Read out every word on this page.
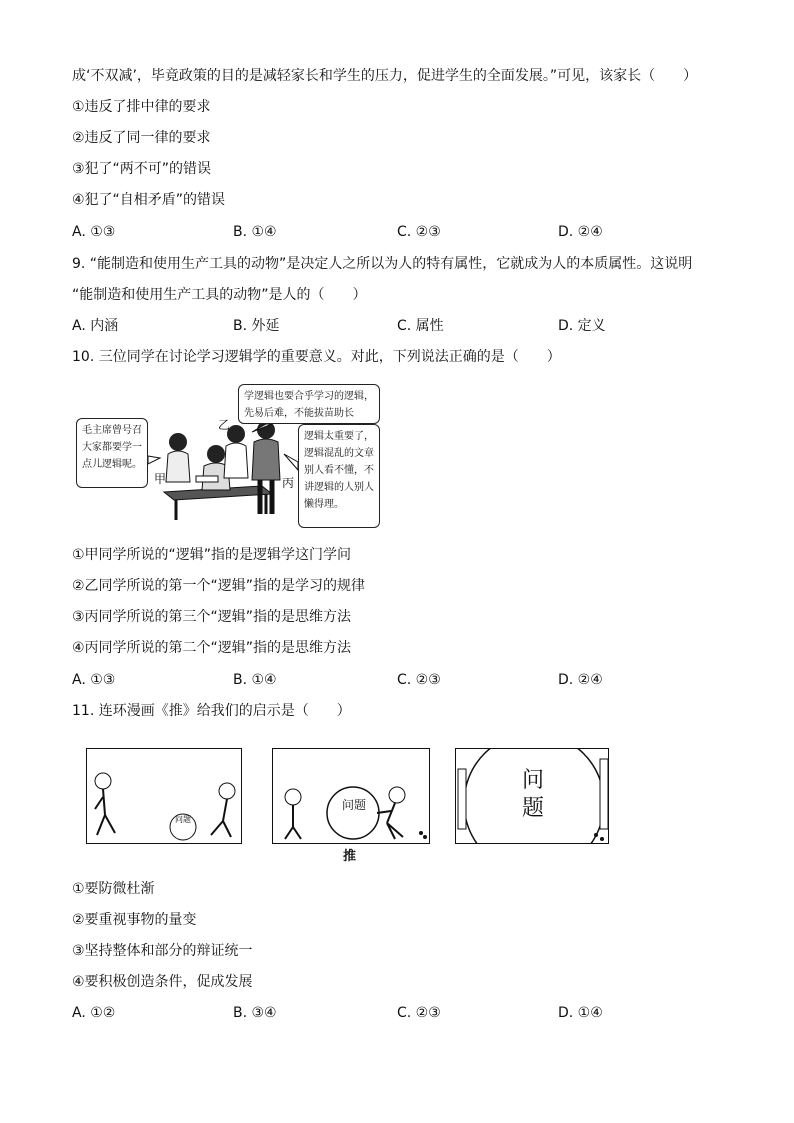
成‘不双减’，毕竟政策的目的是减轻家长和学生的压力，促进学生的全面发展。”可见，该家长（　　）
①违反了排中律的要求
②违反了同一律的要求
③犯了“两不可”的错误
④犯了“自相矛盾”的错误
A. ①③	B. ①④	C. ②③	D. ②④
9. “能制造和使用生产工具的动物”是决定人之所以为人的特有属性，它就成为人的本质属性。这说明
“能制造和使用生产工具的动物”是人的（　　）
A. 内涵	B. 外延	C. 属性	D. 定义
10. 三位同学在讨论学习逻辑学的重要意义。对此，下列说法正确的是（　　）
毛主席曾号召大家都要学一点儿逻辑呢。
学逻辑也要合乎学习的逻辑，
先易后难，不能拔苗助长
逻辑太重要了，逻辑混乱的文章别人看不懂，不讲逻辑的人别人懒得理。
甲
乙
丙
①甲同学所说的“逻辑”指的是逻辑学这门学问
②乙同学所说的第一个“逻辑”指的是学习的规律
③丙同学所说的第三个“逻辑”指的是思维方法
④丙同学所说的第二个“逻辑”指的是思维方法
A. ①③	B. ①④	C. ②③	D. ②④
11. 连环漫画《推》给我们的启示是（　　）
问题
问题
问题
推
①要防微杜渐
②要重视事物的量变
③坚持整体和部分的辩证统一
④要积极创造条件，促成发展
A. ①②	B. ③④	C. ②③	D. ①④
